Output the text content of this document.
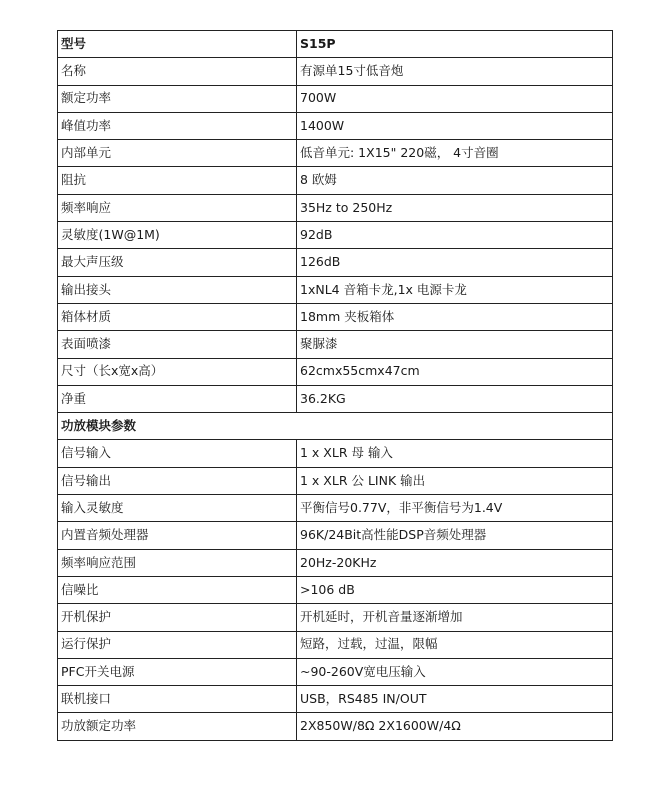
型号	S15P
名称	有源单15寸低音炮
额定功率	700W
峰值功率	1400W
内部单元	低音单元: 1X15" 220磁， 4寸音圈
阻抗	8 欧姆
频率响应	35Hz to 250Hz
灵敏度(1W@1M)	92dB
最大声压级	126dB
输出接头	1xNL4 音箱卡龙,1x 电源卡龙
箱体材质	18mm 夹板箱体
表面喷漆	聚脲漆
尺寸（长x宽x高）	62cmx55cmx47cm
净重	36.2KG
功放模块参数	
信号输入	1 x XLR 母 输入
信号输出	1 x XLR 公 LINK 输出
输入灵敏度	平衡信号0.77V，非平衡信号为1.4V
内置音频处理器	96K/24Bit高性能DSP音频处理器
频率响应范围	20Hz-20KHz
信噪比	>106 dB
开机保护	开机延时，开机音量逐渐增加
运行保护	短路，过载，过温，限幅
PFC开关电源	~90-260V宽电压输入
联机接口	USB，RS485 IN/OUT
功放额定功率	2X850W/8Ω 2X1600W/4Ω
